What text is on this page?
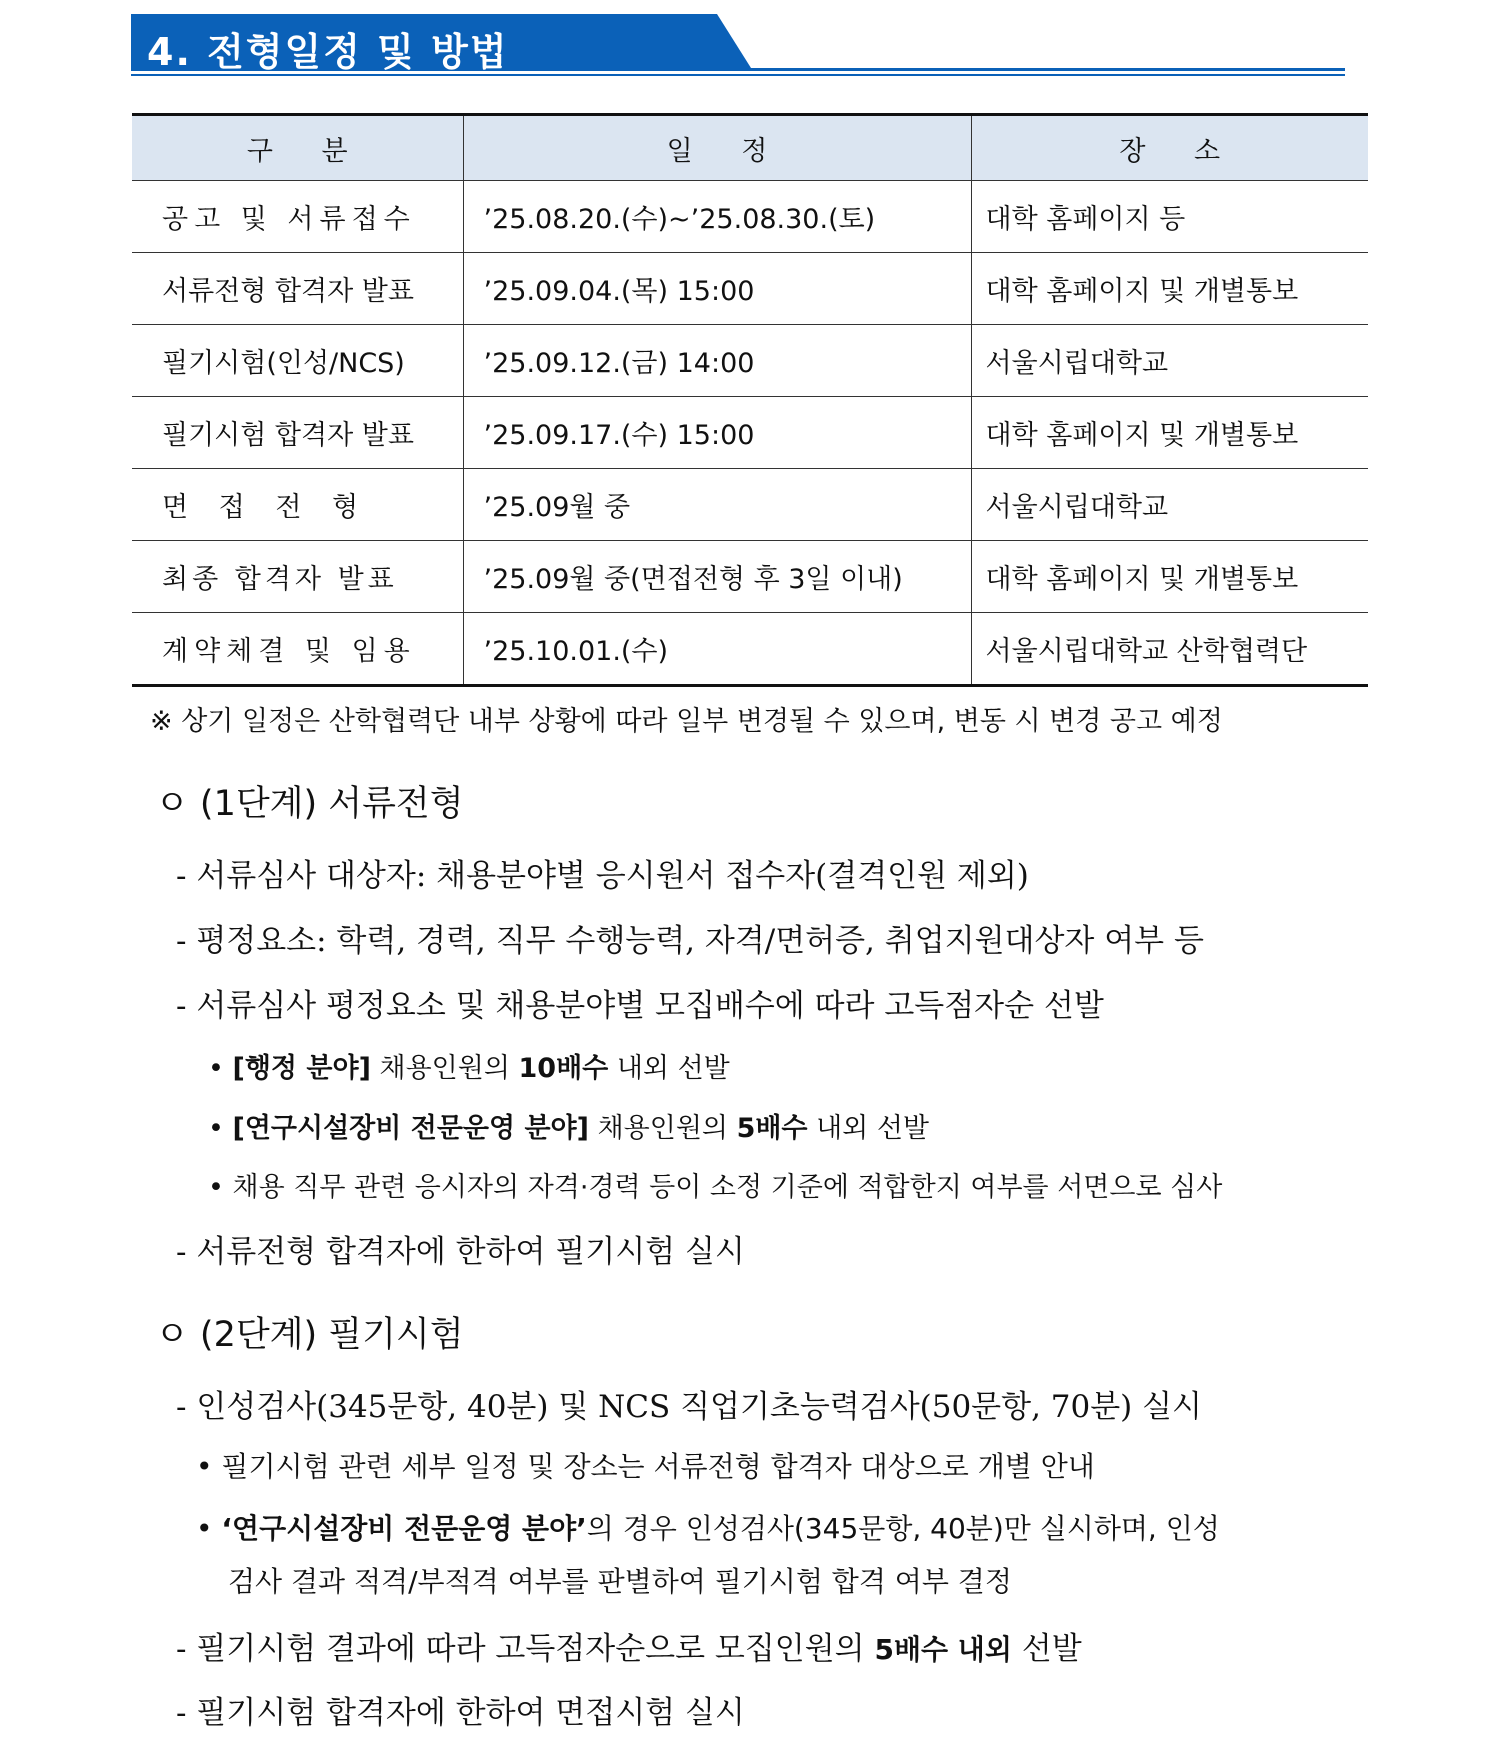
4. 전형일정 및 방법
구 분	일 정	장 소
공고 및 서류접수	’25.08.20.(수)~’25.08.30.(토)	대학 홈페이지 등
서류전형 합격자 발표	’25.09.04.(목) 15:00	대학 홈페이지 및 개별통보
필기시험(인성/NCS)	’25.09.12.(금) 14:00	서울시립대학교
필기시험 합격자 발표	’25.09.17.(수) 15:00	대학 홈페이지 및 개별통보
면 접 전 형	’25.09월 중	서울시립대학교
최종 합격자 발표	’25.09월 중(면접전형 후 3일 이내)	대학 홈페이지 및 개별통보
계약체결 및 임용	’25.10.01.(수)	서울시립대학교 산학협력단
※ 상기 일정은 산학협력단 내부 상황에 따라 일부 변경될 수 있으며, 변동 시 변경 공고 예정
ㅇ (1단계) 서류전형
- 서류심사 대상자: 채용분야별 응시원서 접수자(결격인원 제외)
- 평정요소: 학력, 경력, 직무 수행능력, 자격/면허증, 취업지원대상자 여부 등
- 서류심사 평정요소 및 채용분야별 모집배수에 따라 고득점자순 선발
• [행정 분야] 채용인원의 10배수 내외 선발
• [연구시설장비 전문운영 분야] 채용인원의 5배수 내외 선발
• 채용 직무 관련 응시자의 자격·경력 등이 소정 기준에 적합한지 여부를 서면으로 심사
- 서류전형 합격자에 한하여 필기시험 실시
ㅇ (2단계) 필기시험
- 인성검사(345문항, 40분) 및 NCS 직업기초능력검사(50문항, 70분) 실시
• 필기시험 관련 세부 일정 및 장소는 서류전형 합격자 대상으로 개별 안내
• ‘연구시설장비 전문운영 분야’의 경우 인성검사(345문항, 40분)만 실시하며, 인성
검사 결과 적격/부적격 여부를 판별하여 필기시험 합격 여부 결정
- 필기시험 결과에 따라 고득점자순으로 모집인원의 5배수 내외 선발
- 필기시험 합격자에 한하여 면접시험 실시
